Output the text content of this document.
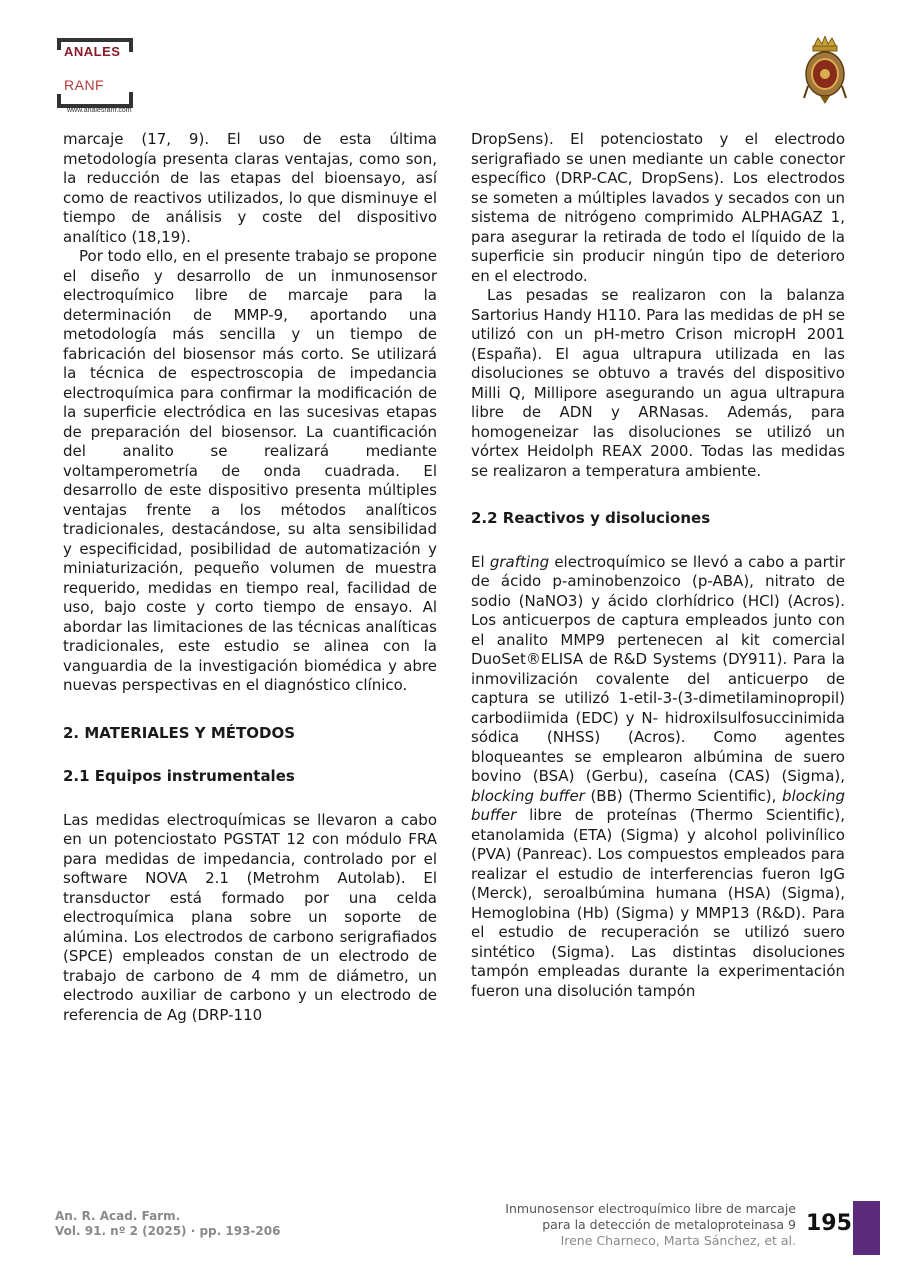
ANALES
RANF
www.analesranf.com

marcaje (17, 9). El uso de esta última metodología presenta claras ventajas, como son, la reducción de las etapas del bioensayo, así como de reactivos utilizados, lo que disminuye el tiempo de análisis y coste del dispositivo analítico (18,19).

Por todo ello, en el presente trabajo se propone el diseño y desarrollo de un inmunosensor electroquímico libre de marcaje para la determinación de MMP-9, aportando una metodología más sencilla y un tiempo de fabricación del biosensor más corto. Se utilizará la técnica de espectroscopia de impedancia electroquímica para confirmar la modificación de la superficie electródica en las sucesivas etapas de preparación del biosensor. La cuantificación del analito se realizará mediante voltamperometría de onda cuadrada. El desarrollo de este dispositivo presenta múltiples ventajas frente a los métodos analíticos tradicionales, destacándose, su alta sensibilidad y especificidad, posibilidad de automatización y miniaturización, pequeño volumen de muestra requerido, medidas en tiempo real, facilidad de uso, bajo coste y corto tiempo de ensayo. Al abordar las limitaciones de las técnicas analíticas tradicionales, este estudio se alinea con la vanguardia de la investigación biomédica y abre nuevas perspectivas en el diagnóstico clínico.

2. MATERIALES Y MÉTODOS
2.1 Equipos instrumentales

Las medidas electroquímicas se llevaron a cabo en un potenciostato PGSTAT 12 con módulo FRA para medidas de impedancia, controlado por el software NOVA 2.1 (Metrohm Autolab). El transductor está formado por una celda electroquímica plana sobre un soporte de alúmina. Los electrodos de carbono serigrafiados (SPCE) empleados constan de un electrodo de trabajo de carbono de 4 mm de diámetro, un electrodo auxiliar de carbono y un electrodo de referencia de Ag (DRP-110

DropSens). El potenciostato y el electrodo serigrafiado se unen mediante un cable conector específico (DRP-CAC, DropSens). Los electrodos se someten a múltiples lavados y secados con un sistema de nitrógeno comprimido ALPHAGAZ 1, para asegurar la retirada de todo el líquido de la superficie sin producir ningún tipo de deterioro en el electrodo.

Las pesadas se realizaron con la balanza Sartorius Handy H110. Para las medidas de pH se utilizó con un pH-metro Crison micropH 2001 (España). El agua ultrapura utilizada en las disoluciones se obtuvo a través del dispositivo Milli Q, Millipore asegurando un agua ultrapura libre de ADN y ARNasas. Además, para homogeneizar las disoluciones se utilizó un vórtex Heidolph REAX 2000. Todas las medidas se realizaron a temperatura ambiente.

2.2 Reactivos y disoluciones

El grafting electroquímico se llevó a cabo a partir de ácido p-aminobenzoico (p-ABA), nitrato de sodio (NaNO3) y ácido clorhídrico (HCl) (Acros). Los anticuerpos de captura empleados junto con el analito MMP9 pertenecen al kit comercial DuoSet®ELISA de R&D Systems (DY911). Para la inmovilización covalente del anticuerpo de captura se utilizó 1-etil-3-(3-dimetilaminopropil) carbodiimida (EDC) y N- hidroxilsulfosuccinimida sódica (NHSS) (Acros). Como agentes bloqueantes se emplearon albúmina de suero bovino (BSA) (Gerbu), caseína (CAS) (Sigma), blocking buffer (BB) (Thermo Scientific), blocking buffer libre de proteínas (Thermo Scientific), etanolamida (ETA) (Sigma) y alcohol polivinílico (PVA) (Panreac). Los compuestos empleados para realizar el estudio de interferencias fueron IgG (Merck), seroalbúmina humana (HSA) (Sigma), Hemoglobina (Hb) (Sigma) y MMP13 (R&D). Para el estudio de recuperación se utilizó suero sintético (Sigma). Las distintas disoluciones tampón empleadas durante la experimentación fueron una disolución tampón

An. R. Acad. Farm.
Vol. 91. nº 2 (2025) · pp. 193-206
Inmunosensor electroquímico libre de marcaje
para la detección de metaloproteinasa 9
Irene Charneco, Marta Sánchez, et al.
195
